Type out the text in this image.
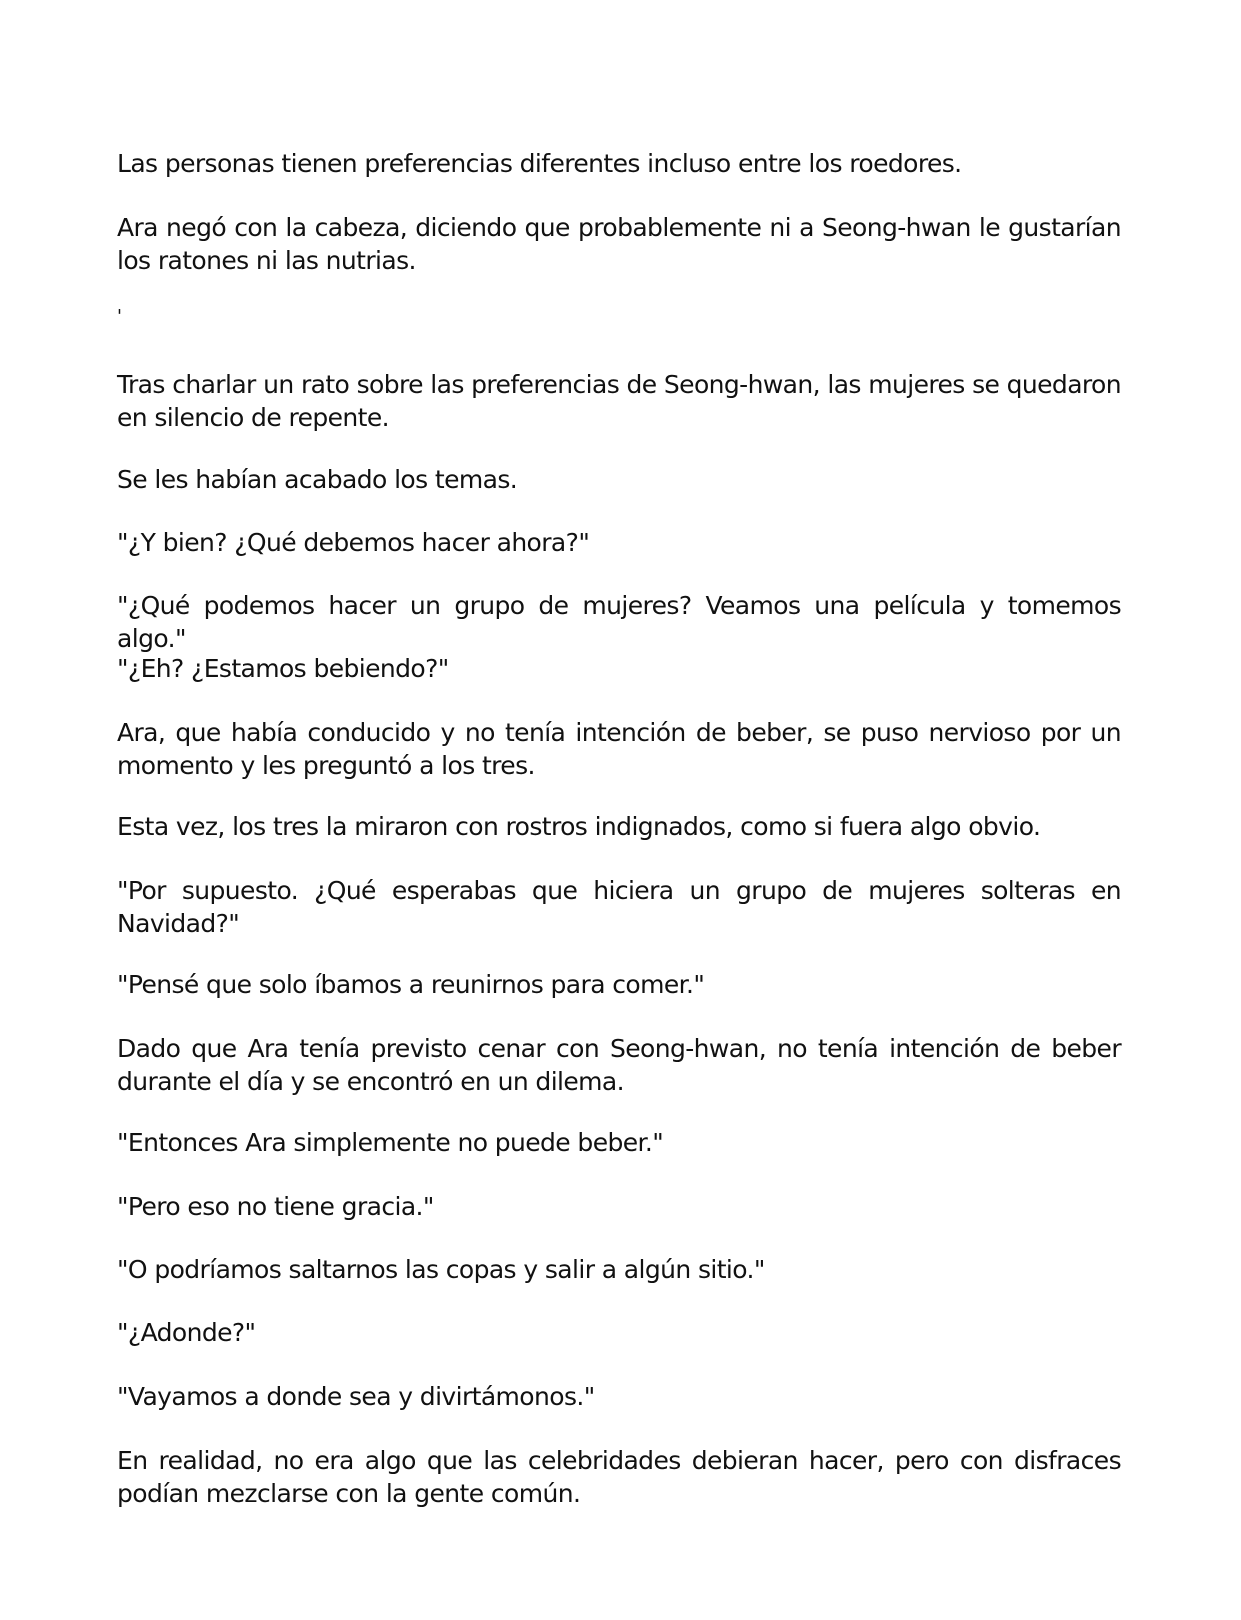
Las personas tienen preferencias diferentes incluso entre los roedores.

Ara negó con la cabeza, diciendo que probablemente ni a Seong-hwan le gustarían los ratones ni las nutrias.

'

Tras charlar un rato sobre las preferencias de Seong-hwan, las mujeres se quedaron en silencio de repente.

Se les habían acabado los temas.

"¿Y bien? ¿Qué debemos hacer ahora?"

"¿Qué podemos hacer un grupo de mujeres? Veamos una película y tomemos algo."

"¿Eh? ¿Estamos bebiendo?"

Ara, que había conducido y no tenía intención de beber, se puso nervioso por un momento y les preguntó a los tres.

Esta vez, los tres la miraron con rostros indignados, como si fuera algo obvio.

"Por supuesto. ¿Qué esperabas que hiciera un grupo de mujeres solteras en Navidad?"

"Pensé que solo íbamos a reunirnos para comer."

Dado que Ara tenía previsto cenar con Seong-hwan, no tenía intención de beber durante el día y se encontró en un dilema.

"Entonces Ara simplemente no puede beber."

"Pero eso no tiene gracia."

"O podríamos saltarnos las copas y salir a algún sitio."

"¿Adonde?"

"Vayamos a donde sea y divirtámonos."

En realidad, no era algo que las celebridades debieran hacer, pero con disfraces podían mezclarse con la gente común.
